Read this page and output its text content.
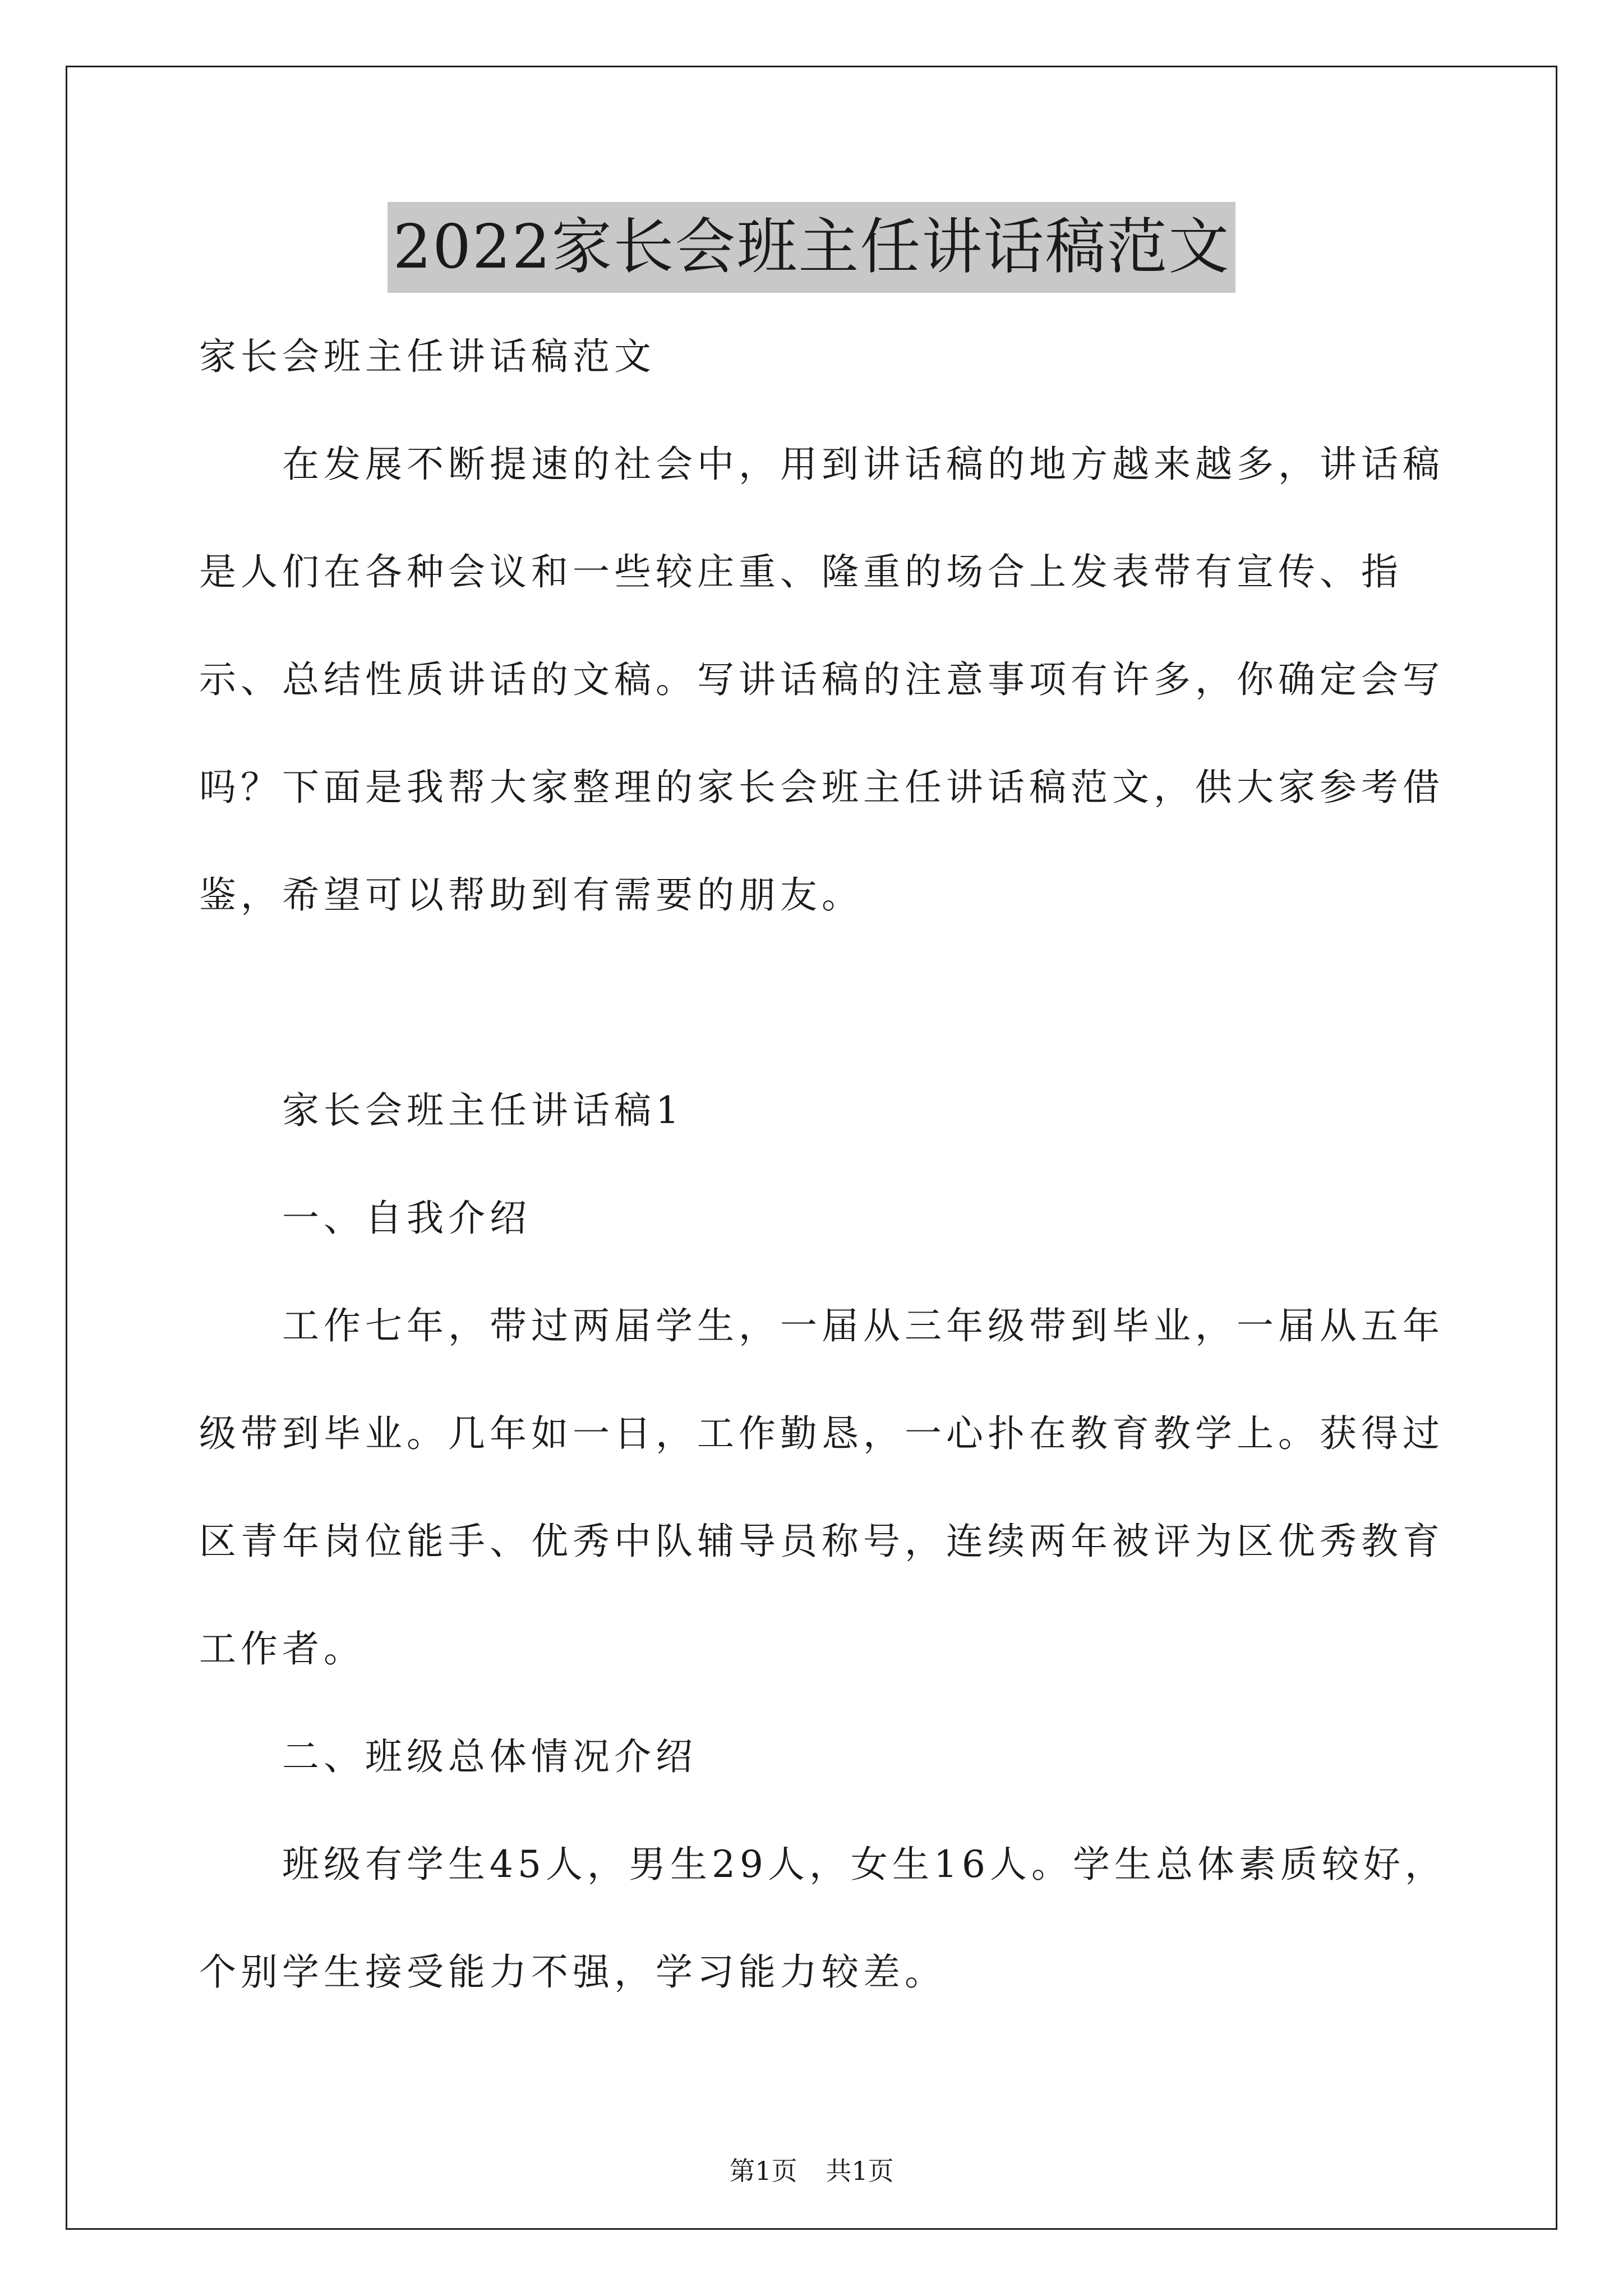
2022家长会班主任讲话稿范文

家长会班主任讲话稿范文

在发展不断提速的社会中，用到讲话稿的地方越来越多，讲话稿是人们在各种会议和一些较庄重、隆重的场合上发表带有宣传、指示、总结性质讲话的文稿。写讲话稿的注意事项有许多，你确定会写吗？下面是我帮大家整理的家长会班主任讲话稿范文，供大家参考借鉴，希望可以帮助到有需要的朋友。

家长会班主任讲话稿1

一、自我介绍

工作七年，带过两届学生，一届从三年级带到毕业，一届从五年级带到毕业。几年如一日，工作勤恳，一心扑在教育教学上。获得过区青年岗位能手、优秀中队辅导员称号，连续两年被评为区优秀教育工作者。

二、班级总体情况介绍

班级有学生45人，男生29人，女生16人。学生总体素质较好，个别学生接受能力不强，学习能力较差。

第1页 共1页
